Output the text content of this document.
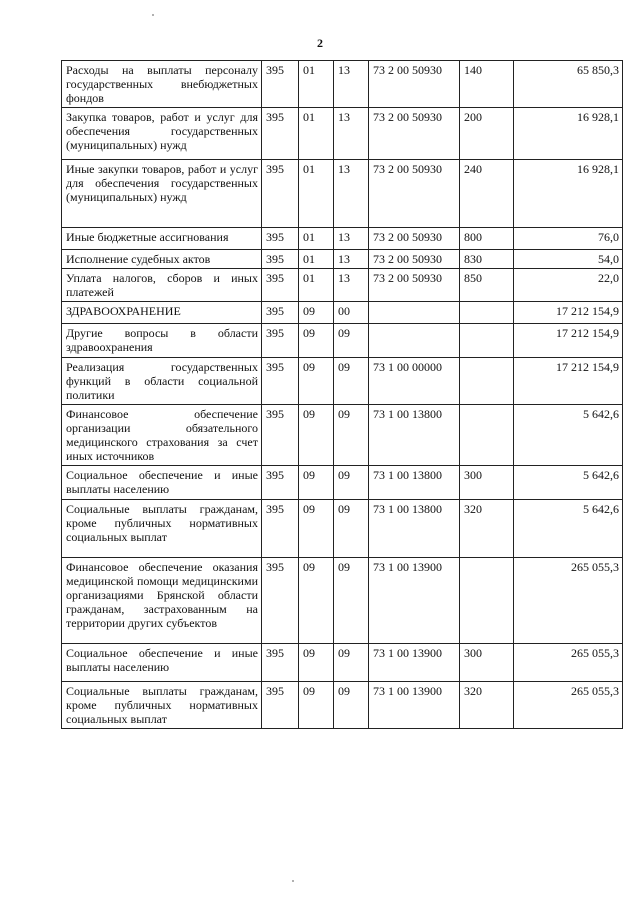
2
Расходы на выплаты персоналу государственных внебюджетных фондов	395	01	13	73 2 00 50930	140	65 850,3
Закупка товаров, работ и услуг для обеспечения государственных (муниципальных) нужд	395	01	13	73 2 00 50930	200	16 928,1
Иные закупки товаров, работ и услуг для обеспечения государственных (муниципальных) нужд	395	01	13	73 2 00 50930	240	16 928,1
Иные бюджетные ассигнования	395	01	13	73 2 00 50930	800	76,0
Исполнение судебных актов	395	01	13	73 2 00 50930	830	54,0
Уплата налогов, сборов и иных платежей	395	01	13	73 2 00 50930	850	22,0
ЗДРАВООХРАНЕНИЕ	395	09	00			17 212 154,9
Другие вопросы в области здравоохранения	395	09	09			17 212 154,9
Реализация государственных функций в области социальной политики	395	09	09	73 1 00 00000		17 212 154,9
Финансовое обеспечение организации обязательного медицинского страхования за счет иных источников	395	09	09	73 1 00 13800		5 642,6
Социальное обеспечение и иные выплаты населению	395	09	09	73 1 00 13800	300	5 642,6
Социальные выплаты гражданам, кроме публичных нормативных социальных выплат	395	09	09	73 1 00 13800	320	5 642,6
Финансовое обеспечение оказания медицинской помощи медицинскими организациями Брянской области гражданам, застрахованным на территории других субъектов	395	09	09	73 1 00 13900		265 055,3
Социальное обеспечение и иные выплаты населению	395	09	09	73 1 00 13900	300	265 055,3
Социальные выплаты гражданам, кроме публичных нормативных социальных выплат	395	09	09	73 1 00 13900	320	265 055,3
